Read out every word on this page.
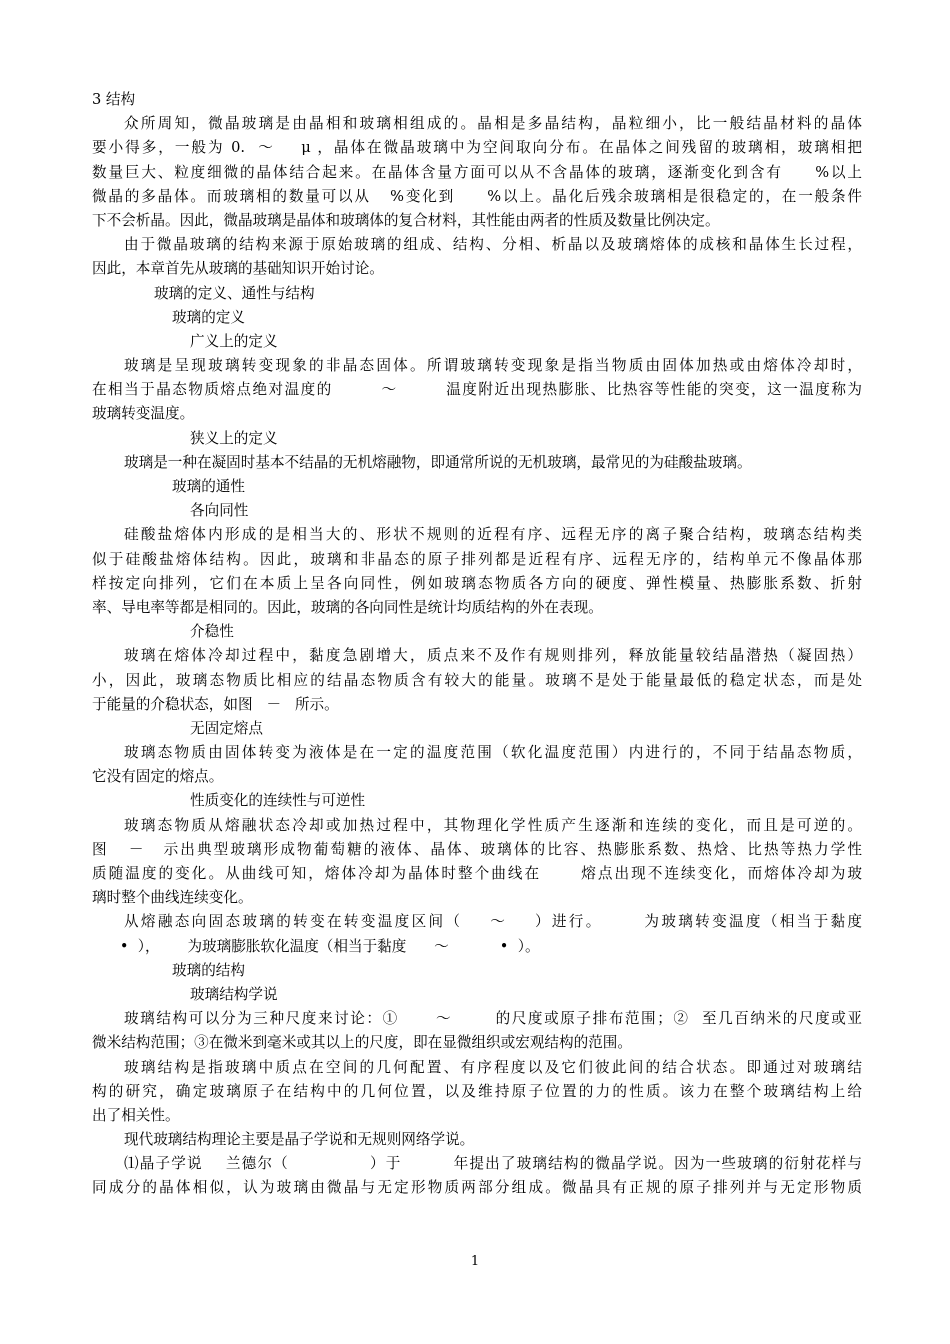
3 结构
众所周知，微晶玻璃是由晶相和玻璃相组成的。晶相是多晶结构，晶粒细小，比一般结晶材料的晶体
要小得多，一般为 0.  ～    μ ，晶体在微晶玻璃中为空间取向分布。在晶体之间残留的玻璃相，玻璃相把
数量巨大、粒度细微的晶体结合起来。在晶体含量方面可以从不含晶体的玻璃，逐渐变化到含有     %以上
微晶的多晶体。而玻璃相的数量可以从   %变化到     %以上。晶化后残余玻璃相是很稳定的，在一般条件
下不会析晶。因此，微晶玻璃是晶体和玻璃体的复合材料，其性能由两者的性质及数量比例决定。
由于微晶玻璃的结构来源于原始玻璃的组成、结构、分相、析晶以及玻璃熔体的成核和晶体生长过程，
因此，本章首先从玻璃的基础知识开始讨论。
玻璃的定义、通性与结构
玻璃的定义
广义上的定义
玻璃是呈现玻璃转变现象的非晶态固体。所谓玻璃转变现象是指当物质由固体加热或由熔体冷却时，
在相当于晶态物质熔点绝对温度的        ～        温度附近出现热膨胀、比热容等性能的突变，这一温度称为
玻璃转变温度。
狭义上的定义
玻璃是一种在凝固时基本不结晶的无机熔融物，即通常所说的无机玻璃，最常见的为硅酸盐玻璃。
玻璃的通性
各向同性
硅酸盐熔体内形成的是相当大的、形状不规则的近程有序、远程无序的离子聚合结构，玻璃态结构类
似于硅酸盐熔体结构。因此，玻璃和非晶态的原子排列都是近程有序、远程无序的，结构单元不像晶体那
样按定向排列，它们在本质上呈各向同性，例如玻璃态物质各方向的硬度、弹性模量、热膨胀系数、折射
率、导电率等都是相同的。因此，玻璃的各向同性是统计均质结构的外在表现。
介稳性
玻璃在熔体冷却过程中，黏度急剧增大，质点来不及作有规则排列，释放能量较结晶潜热（凝固热）
小，因此，玻璃态物质比相应的结晶态物质含有较大的能量。玻璃不是处于能量最低的稳定状态，而是处
于能量的介稳状态，如图   －   所示。
无固定熔点
玻璃态物质由固体转变为液体是在一定的温度范围（软化温度范围）内进行的，不同于结晶态物质，
它没有固定的熔点。
性质变化的连续性与可逆性
玻璃态物质从熔融状态冷却或加热过程中，其物理化学性质产生逐渐和连续的变化，而且是可逆的。
图   －   示出典型玻璃形成物葡萄糖的液体、晶体、玻璃体的比容、热膨胀系数、热焓、比热等热力学性
质随温度的变化。从曲线可知，熔体冷却为晶体时整个曲线在      熔点出现不连续变化，而熔体冷却为玻
璃时整个曲线连续变化。
从熔融态向固态玻璃的转变在转变温度区间（    ～    ）进行。      为玻璃转变温度（相当于黏度
•  ），      为玻璃膨胀软化温度（相当于黏度      ～           •  ）。
玻璃的结构
玻璃结构学说
玻璃结构可以分为三种尺度来讨论：①      ～       的尺度或原子排布范围；②  至几百纳米的尺度或亚
微米结构范围；③在微米到毫米或其以上的尺度，即在显微组织或宏观结构的范围。
玻璃结构是指玻璃中质点在空间的几何配置、有序程度以及它们彼此间的结合状态。即通过对玻璃结
构的研究，确定玻璃原子在结构中的几何位置，以及维持原子位置的力的性质。该力在整个玻璃结构上给
出了相关性。
现代玻璃结构理论主要是晶子学说和无规则网络学说。
⑴晶子学说    兰德尔（              ）于         年提出了玻璃结构的微晶学说。因为一些玻璃的衍射花样与
同成分的晶体相似，认为玻璃由微晶与无定形物质两部分组成。微晶具有正规的原子排列并与无定形物质
1
